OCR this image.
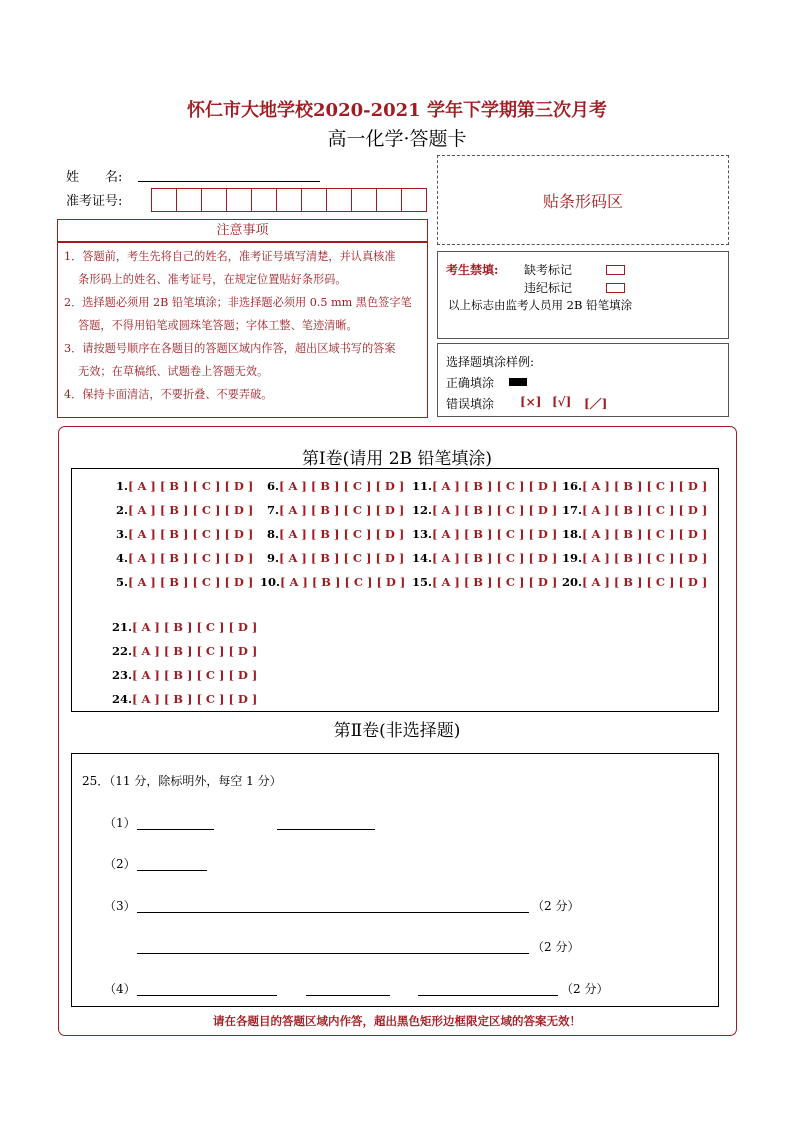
怀仁市大地学校2020-2021 学年下学期第三次月考
高一化学·答题卡
姓　　名:
准考证号:	贴条形码区
注意事项

1．答题前，考生先将自己的姓名，准考证号填写清楚，并认真核准

条形码上的姓名、准考证号，在规定位置贴好条形码。

2．选择题必须用 2B 铅笔填涂；非选择题必须用 0.5 mm 黑色签字笔

答题，不得用铅笔或圆珠笔答题；字体工整、笔迹清晰。

3．请按题号顺序在各题目的答题区域内作答，超出区域书写的答案

无效；在草稿纸、试题卷上答题无效。

4．保持卡面清洁，不要折叠、不要弄破。

考生禁填: 缺考标记
违纪标记
以上标志由监考人员用 2B 铅笔填涂
选择题填涂样例:
正确填涂
错误填涂 [×] [√] [／]
第Ⅰ卷(请用 2B 铅笔填涂)
1.[ A ] [ B ] [ C ] [ D ]
2.[ A ] [ B ] [ C ] [ D ]
3.[ A ] [ B ] [ C ] [ D ]
4.[ A ] [ B ] [ C ] [ D ]
5.[ A ] [ B ] [ C ] [ D ]
6.[ A ] [ B ] [ C ] [ D ]
7.[ A ] [ B ] [ C ] [ D ]
8.[ A ] [ B ] [ C ] [ D ]
9.[ A ] [ B ] [ C ] [ D ]
10.[ A ] [ B ] [ C ] [ D ]
11.[ A ] [ B ] [ C ] [ D ]
12.[ A ] [ B ] [ C ] [ D ]
13.[ A ] [ B ] [ C ] [ D ]
14.[ A ] [ B ] [ C ] [ D ]
15.[ A ] [ B ] [ C ] [ D ]
16.[ A ] [ B ] [ C ] [ D ]
17.[ A ] [ B ] [ C ] [ D ]
18.[ A ] [ B ] [ C ] [ D ]
19.[ A ] [ B ] [ C ] [ D ]
20.[ A ] [ B ] [ C ] [ D ]
21.[ A ] [ B ] [ C ] [ D ]
22.[ A ] [ B ] [ C ] [ D ]
23.[ A ] [ B ] [ C ] [ D ]
24.[ A ] [ B ] [ C ] [ D ]
第Ⅱ卷(非选择题)
25．（11 分，除标明外，每空 1 分）
（1）
（2）
（3）	（2 分）
（2 分）
（4）	（2 分）
请在各题目的答题区域内作答，超出黑色矩形边框限定区域的答案无效！
